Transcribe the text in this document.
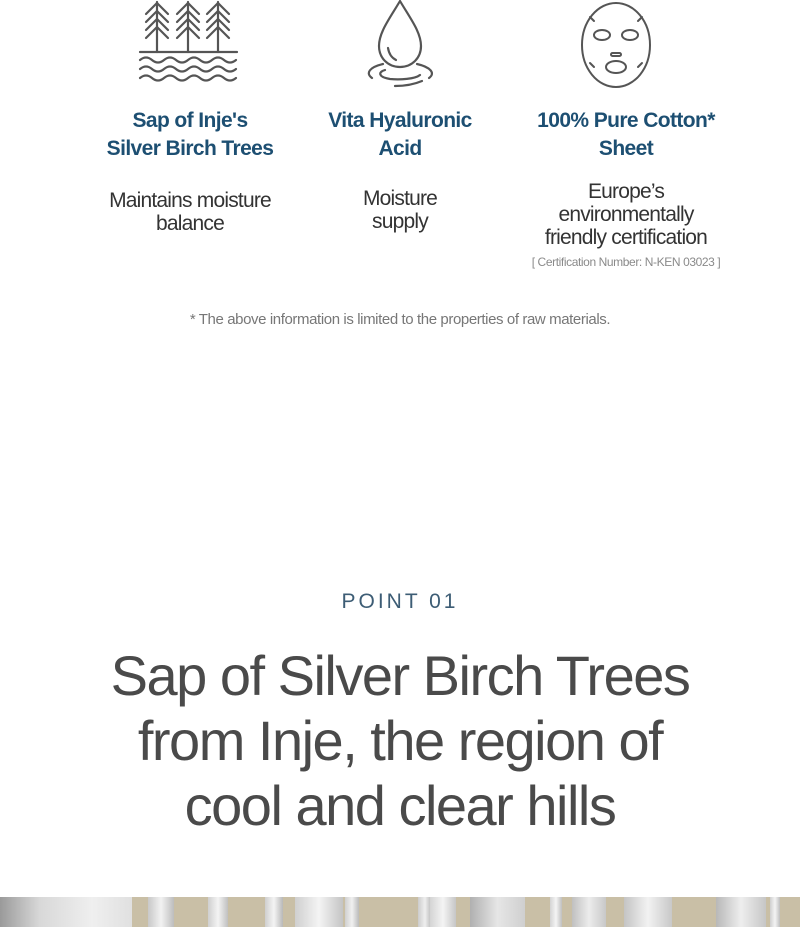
Sap of Inje's
Silver Birch Trees
Maintains moisture
balance
Vita Hyaluronic
Acid
Moisture
supply
100% Pure Cotton*
Sheet
Europe’s
environmentally
friendly certification
[ Certification Number: N-KEN 03023 ]
* The above information is limited to the properties of raw materials.
POINT 01
Sap of Silver Birch Trees
from Inje, the region of
cool and clear hills
